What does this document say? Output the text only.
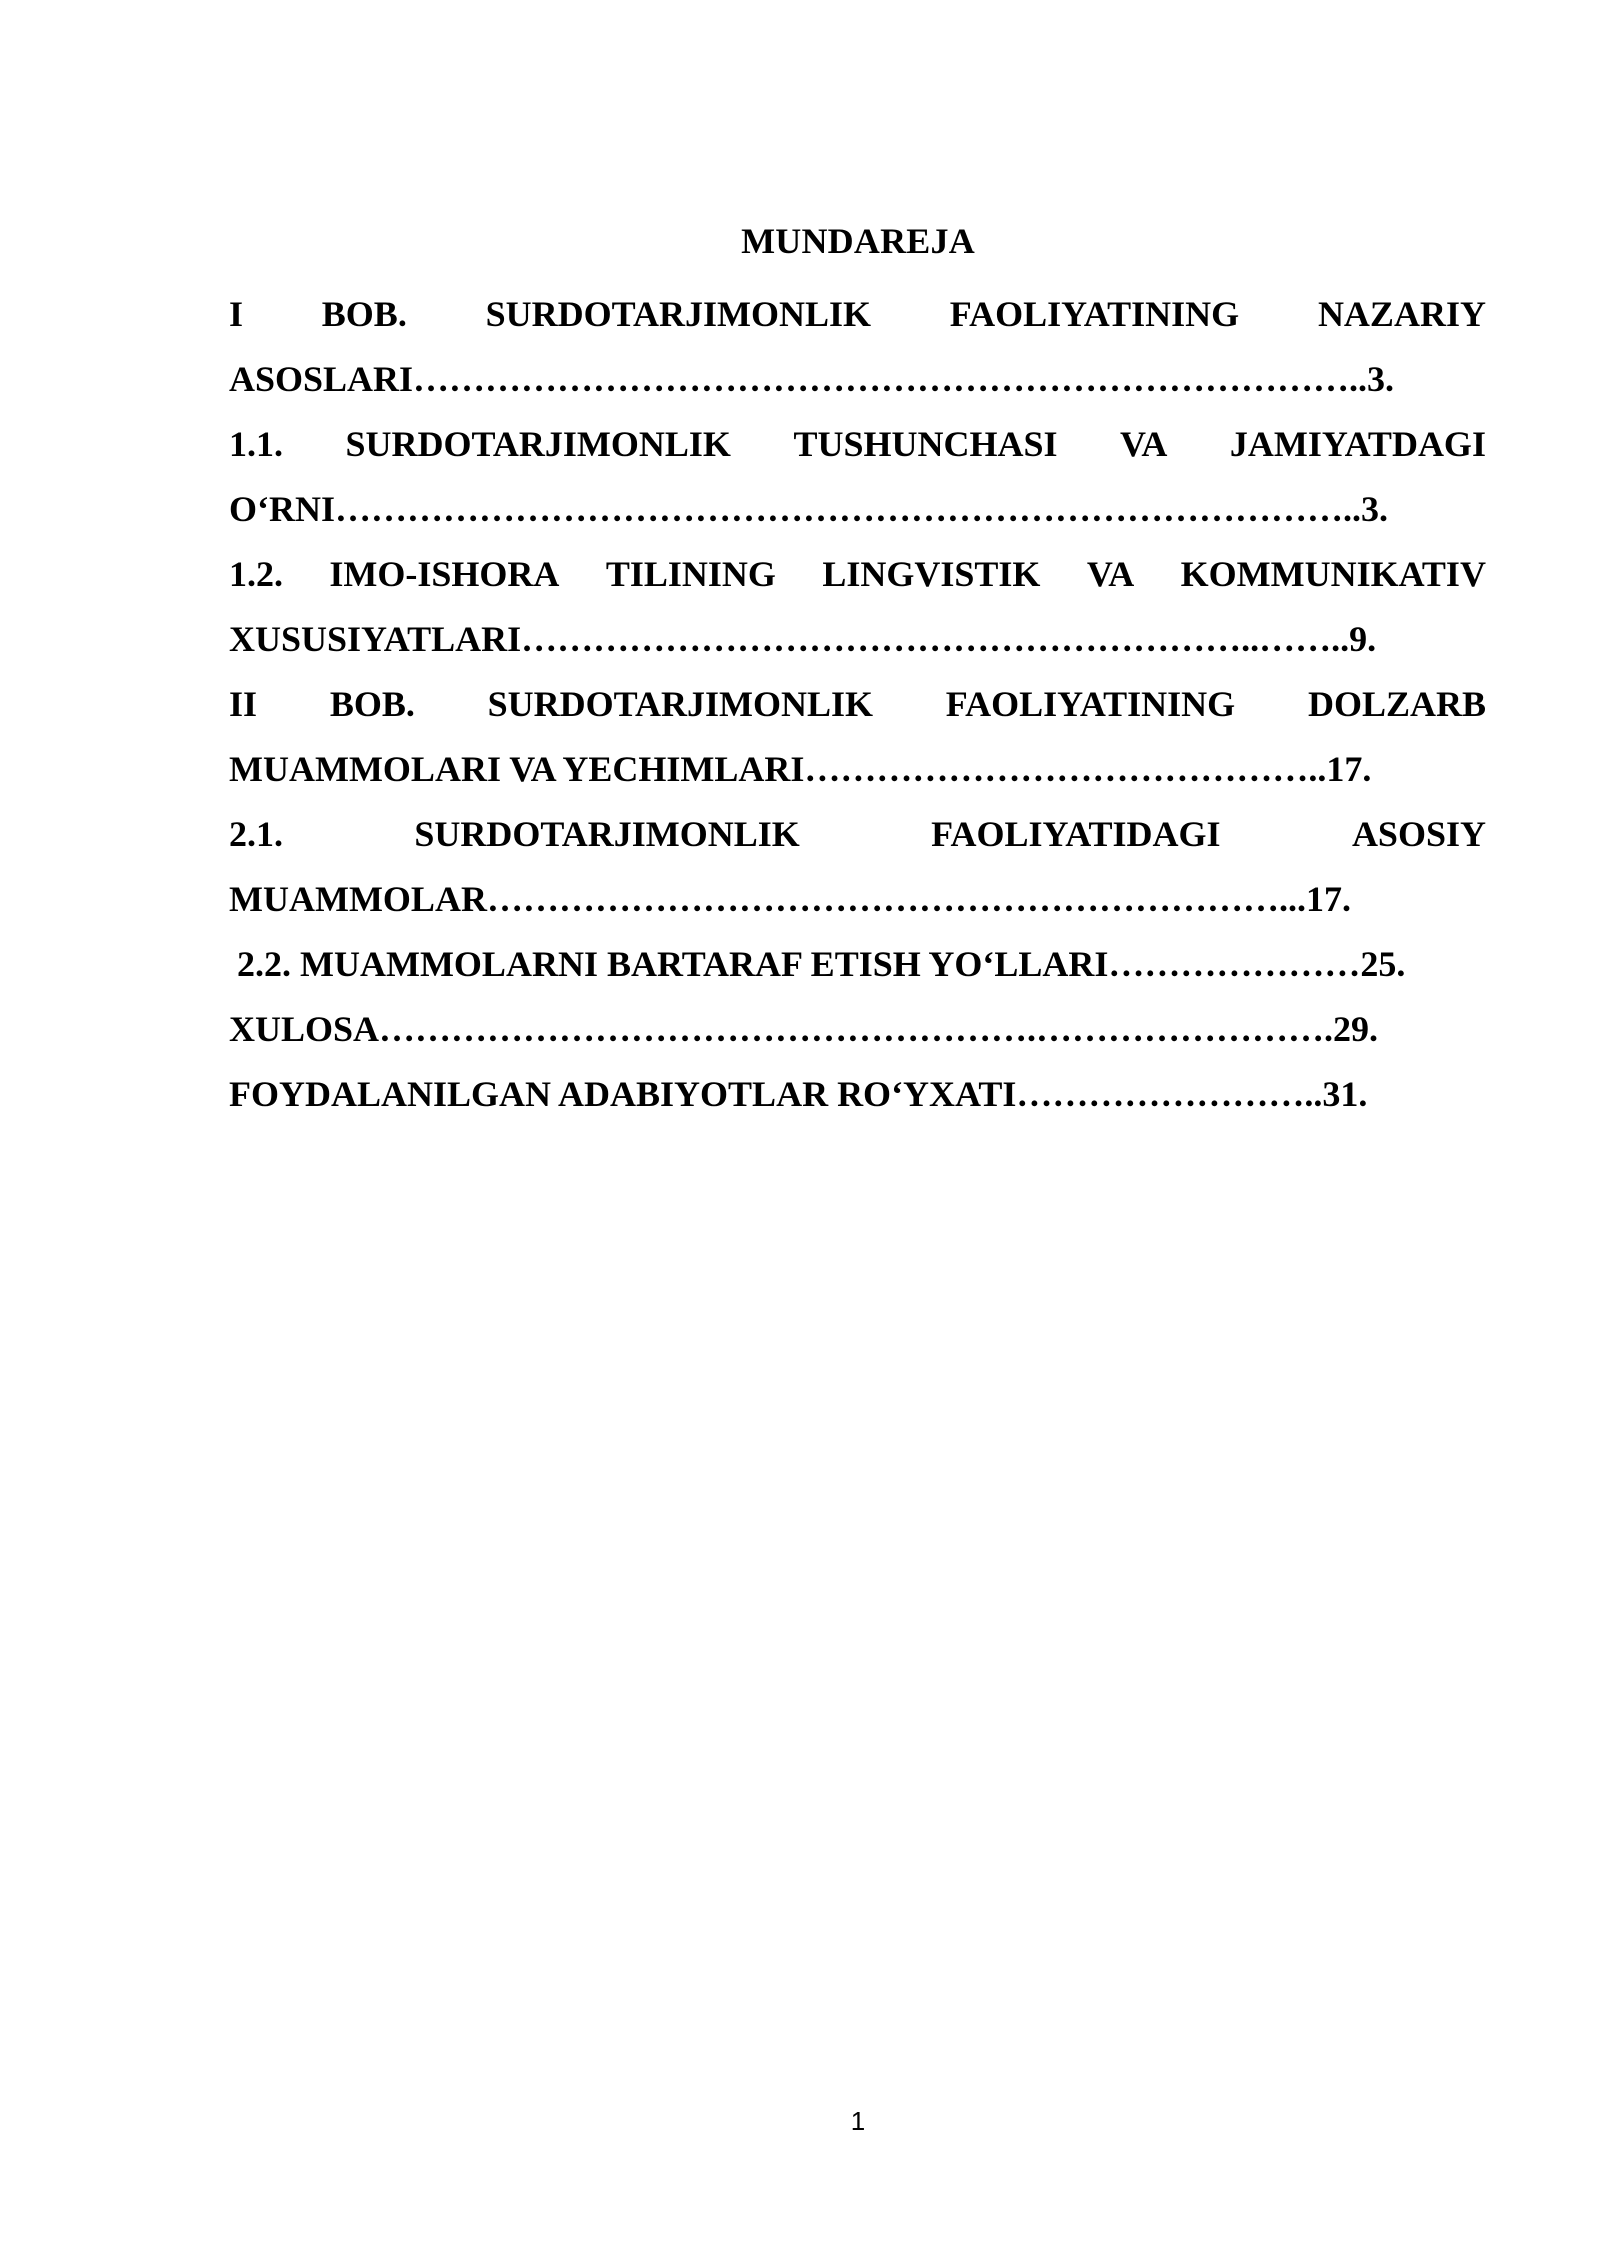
MUNDAREJA
I BOB. SURDOTARJIMONLIK FAOLIYATINING NAZARIY
ASOSLARI……………………………………………………………………..3.
1.1. SURDOTARJIMONLIK TUSHUNCHASI VA JAMIYATDAGI
O‘RNI…………………………………………………………………………..3.
1.2. IMO-ISHORA TILINING LINGVISTIK VA KOMMUNIKATIV
XUSUSIYATLARI……………………………………………………..……..9.
II BOB. SURDOTARJIMONLIK FAOLIYATINING DOLZARB
MUAMMOLARI VA YECHIMLARI……………………………………..17.
2.1.	SURDOTARJIMONLIK	FAOLIYATIDAGI	ASOSIY
MUAMMOLAR…………………………………………………………...17.
2.2. MUAMMOLARNI BARTARAF ETISH YO‘LLARI…………………25.
XULOSA……………………………………………….…………………….29.
FOYDALANILGAN ADABIYOTLAR RO‘YXATI……………………..31.
1
